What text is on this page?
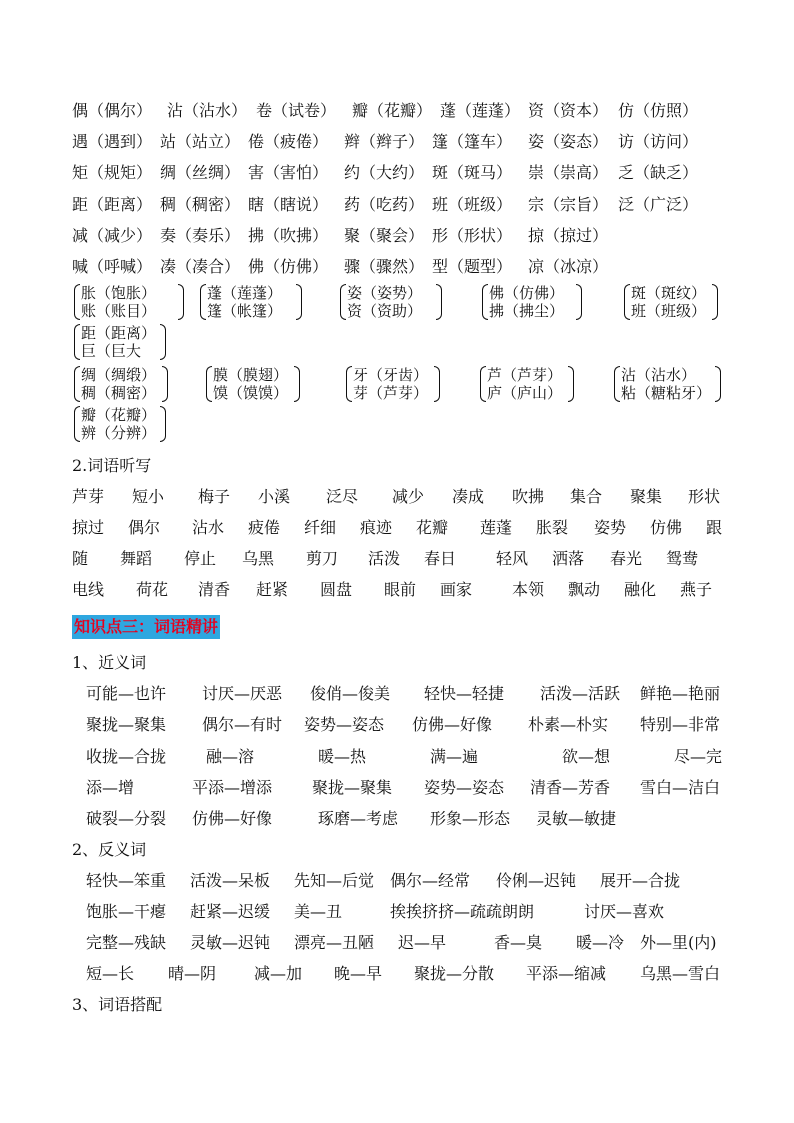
偶（偶尔） 沾（沾水） 卷（试卷） 瓣（花瓣） 蓬（莲蓬） 资（资本） 仿（仿照）
遇（遇到） 站（站立） 倦（疲倦） 辫（辫子） 篷（篷车） 姿（姿态） 访（访问）
矩（规矩） 绸（丝绸） 害（害怕） 约（大约） 斑（斑马） 崇（崇高） 乏（缺乏）
距（距离） 稠（稠密） 瞎（瞎说） 药（吃药） 班（班级） 宗（宗旨） 泛（广泛）
减（减少） 奏（奏乐） 拂（吹拂） 聚（聚会） 形（形状） 掠（掠过）
喊（呼喊） 凑（凑合） 佛（仿佛） 骤（骤然） 型（题型） 凉（冰凉）
胀（饱胀）
账（账目）
蓬（莲蓬）
篷（帐篷）
姿（姿势）
资（资助）
佛（仿佛）
拂（拂尘）
斑（斑纹）
班（班级）
距（距离）
巨（巨大
绸（绸缎）
稠（稠密）
膜（膜翅）
馍（馍馍）
牙（牙齿）
芽（芦芽）
芦（芦芽）
庐（庐山）
沾（沾水）
粘（糖粘牙）
瓣（花瓣）
辨（分辨）
2.词语听写
芦芽 短小 梅子 小溪 泛尽 减少 凑成 吹拂 集合 聚集 形状
掠过 偶尔 沾水 疲倦 纤细 痕迹 花瓣 莲蓬 胀裂 姿势 仿佛 跟
随 舞蹈 停止 乌黑 剪刀 活泼 春日 轻风 洒落 春光 鸳鸯
电线 荷花 清香 赶紧 圆盘 眼前 画家 本领 飘动 融化 燕子
知识点三：词语精讲
1、近义词
可能—也许 讨厌—厌恶 俊俏—俊美 轻快—轻捷 活泼—活跃 鲜艳—艳丽
聚拢—聚集 偶尔—有时 姿势—姿态 仿佛—好像 朴素—朴实 特别—非常
收拢—合拢 融—溶	暖—热	满—遍	欲—想	尽—完
添—增	平添—增添 聚拢—聚集 姿势—姿态 清香—芳香 雪白—洁白
破裂—分裂 仿佛—好像	琢磨—考虑 形象—形态 灵敏—敏捷
2、反义词
轻快—笨重 活泼—呆板 先知—后觉 偶尔—经常 伶俐—迟钝 展开—合拢
饱胀—干瘪 赶紧—迟缓 美—丑	挨挨挤挤—疏疏朗朗	讨厌—喜欢
完整—残缺 灵敏—迟钝 漂亮—丑陋 迟—早	香—臭 暖—冷 外—里(内)
短—长 晴—阴 减—加 晚—早 聚拢—分散 平添—缩减 乌黑—雪白
3、词语搭配
